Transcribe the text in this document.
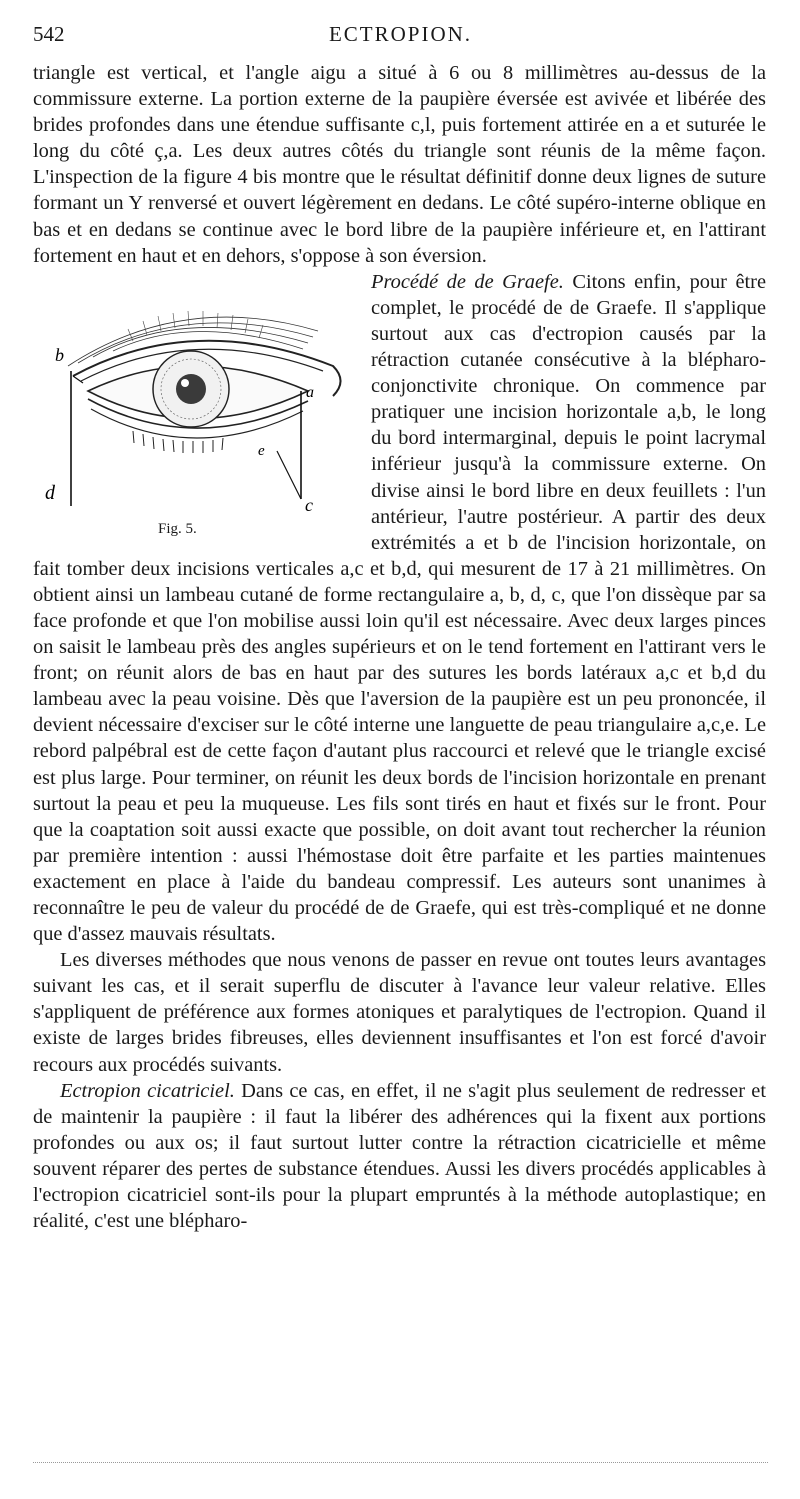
542	ECTROPION.

triangle est vertical, et l'angle aigu a situé à 6 ou 8 millimètres au-dessus de la commissure externe. La portion externe de la paupière éversée est avivée et libérée des brides profondes dans une étendue suffisante c,l, puis fortement attirée en a et suturée le long du côté ç,a. Les deux autres côtés du triangle sont réunis de la même façon. L'inspection de la figure 4 bis montre que le résultat définitif donne deux lignes de suture formant un Y renversé et ouvert légèrement en dedans. Le côté supéro-interne oblique en bas et en dedans se continue avec le bord libre de la paupière inférieure et, en l'attirant fortement en haut et en dehors, s'oppose à son éversion.

b
a
e
d
c
Fig. 5.
Procédé de de Graefe. Citons enfin, pour être complet, le procédé de de Graefe. Il s'applique surtout aux cas d'ectropion causés par la rétraction cutanée consécutive à la blépharo-conjonctivite chronique. On commence par pratiquer une incision horizontale a,b, le long du bord intermarginal, depuis le point lacrymal inférieur jusqu'à la commissure externe. On divise ainsi le bord libre en deux feuillets : l'un antérieur, l'autre postérieur. A partir des deux extrémités a et b de l'incision horizontale, on fait tomber deux incisions verticales a,c et b,d, qui mesurent de 17 à 21 millimètres. On obtient ainsi un lambeau cutané de forme rectangulaire a, b, d, c, que l'on dissèque par sa face profonde et que l'on mobilise aussi loin qu'il est nécessaire. Avec deux larges pinces on saisit le lambeau près des angles supérieurs et on le tend fortement en l'attirant vers le front; on réunit alors de bas en haut par des sutures les bords latéraux a,c et b,d du lambeau avec la peau voisine. Dès que l'aversion de la paupière est un peu prononcée, il devient nécessaire d'exciser sur le côté interne une languette de peau triangulaire a,c,e. Le rebord palpébral est de cette façon d'autant plus raccourci et relevé que le triangle excisé est plus large. Pour terminer, on réunit les deux bords de l'incision horizontale en prenant surtout la peau et peu la muqueuse. Les fils sont tirés en haut et fixés sur le front. Pour que la coaptation soit aussi exacte que possible, on doit avant tout rechercher la réunion par première intention : aussi l'hémostase doit être parfaite et les parties maintenues exactement en place à l'aide du bandeau compressif. Les auteurs sont unanimes à reconnaître le peu de valeur du procédé de de Graefe, qui est très-compliqué et ne donne que d'assez mauvais résultats.

Les diverses méthodes que nous venons de passer en revue ont toutes leurs avantages suivant les cas, et il serait superflu de discuter à l'avance leur valeur relative. Elles s'appliquent de préférence aux formes atoniques et paralytiques de l'ectropion. Quand il existe de larges brides fibreuses, elles deviennent insuffisantes et l'on est forcé d'avoir recours aux procédés suivants.

Ectropion cicatriciel. Dans ce cas, en effet, il ne s'agit plus seulement de redresser et de maintenir la paupière : il faut la libérer des adhérences qui la fixent aux portions profondes ou aux os; il faut surtout lutter contre la rétraction cicatricielle et même souvent réparer des pertes de substance étendues. Aussi les divers procédés applicables à l'ectropion cicatriciel sont-ils pour la plupart empruntés à la méthode autoplastique; en réalité, c'est une blépharo-
